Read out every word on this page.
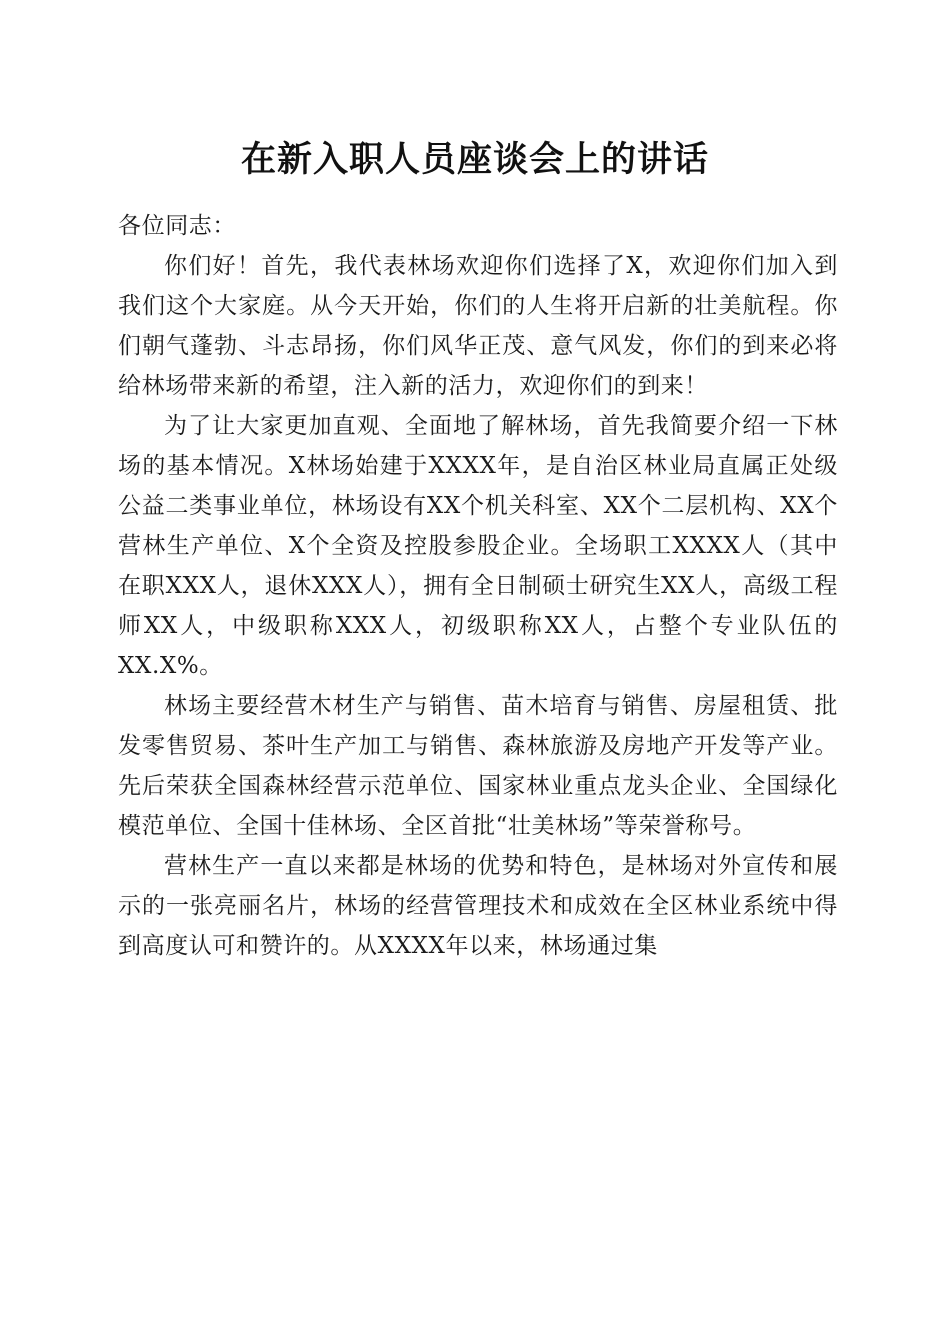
在新入职人员座谈会上的讲话

各位同志：

你们好！首先，我代表林场欢迎你们选择了X，欢迎你们加入到我们这个大家庭。从今天开始，你们的人生将开启新的壮美航程。你们朝气蓬勃、斗志昂扬，你们风华正茂、意气风发，你们的到来必将给林场带来新的希望，注入新的活力，欢迎你们的到来！

为了让大家更加直观、全面地了解林场，首先我简要介绍一下林场的基本情况。X林场始建于XXXX年，是自治区林业局直属正处级公益二类事业单位，林场设有XX个机关科室、XX个二层机构、XX个营林生产单位、X个全资及控股参股企业。全场职工XXXX人（其中在职XXX人，退休XXX人），拥有全日制硕士研究生XX人，高级工程师XX人，中级职称XXX人，初级职称XX人，占整个专业队伍的XX.X%。

林场主要经营木材生产与销售、苗木培育与销售、房屋租赁、批发零售贸易、茶叶生产加工与销售、森林旅游及房地产开发等产业。先后荣获全国森林经营示范单位、国家林业重点龙头企业、全国绿化模范单位、全国十佳林场、全区首批“壮美林场”等荣誉称号。

营林生产一直以来都是林场的优势和特色，是林场对外宣传和展示的一张亮丽名片，林场的经营管理技术和成效在全区林业系统中得到高度认可和赞许的。从XXXX年以来，林场通过集
